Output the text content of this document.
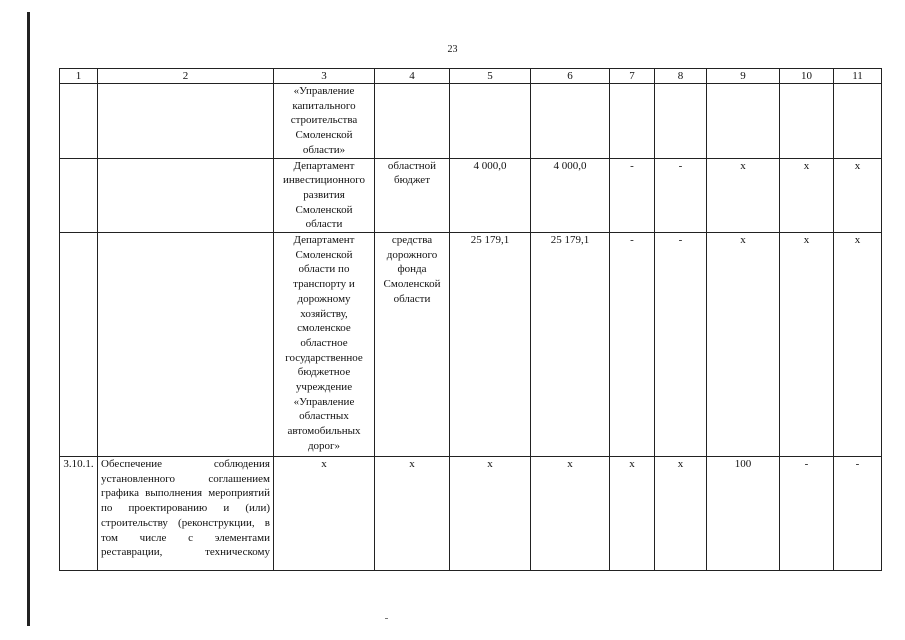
23
1	2	3	4	5	6	7	8	9	10	11
		«Управление капитального строительства Смоленской области»								
		Департамент инвестиционного развития Смоленской области	областной бюджет	4 000,0	4 000,0	-	-	х	х	х
		Департамент Смоленской области по транспорту и дорожному хозяйству, смоленское областное государственное бюджетное учреждение «Управление областных автомобильных дорог»	средства дорожного фонда Смоленской области	25 179,1	25 179,1	-	-	х	х	х
3.10.1.	Обеспечение соблюдения установленного соглашением графика выполнения мероприятий по проектированию и (или) строительству (реконструкции, в том числе с элементами реставрации, техническому	х	х	х	х	х	х	100	-	-
